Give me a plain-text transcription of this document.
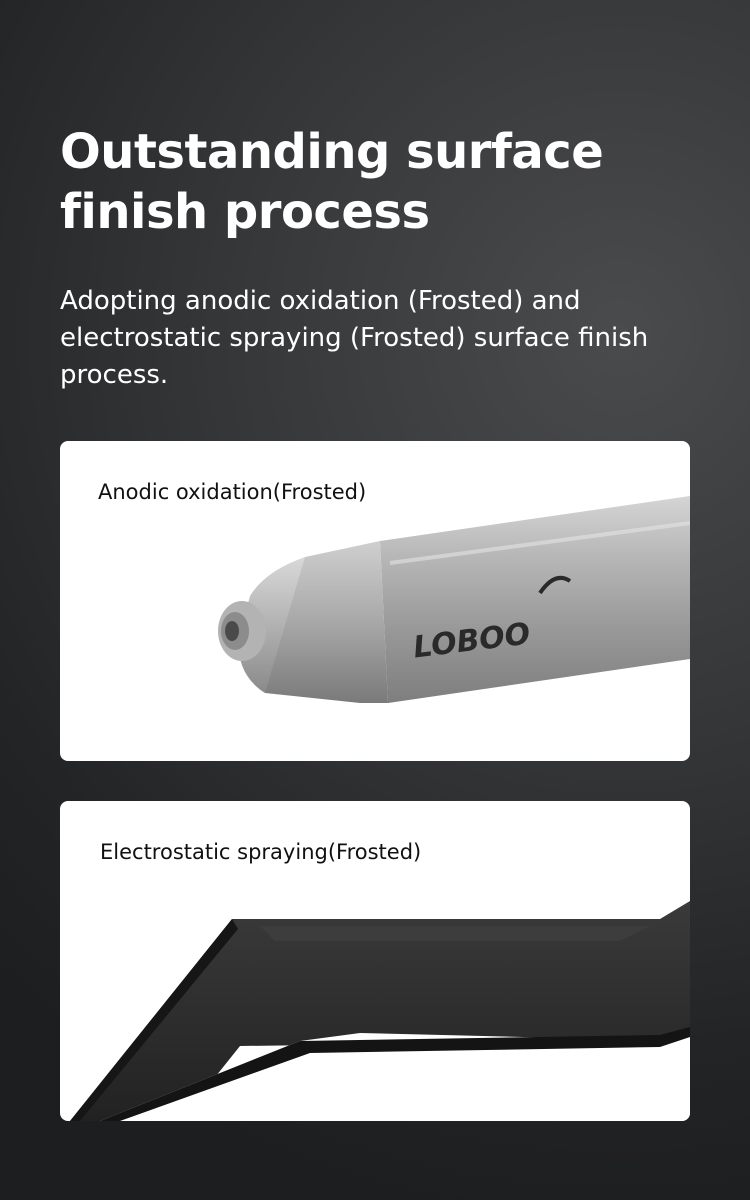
Outstanding surface finish process

Adopting anodic oxidation (Frosted) and electrostatic spraying (Frosted) surface finish process.

Anodic oxidation(Frosted)

LOBOO

Electrostatic spraying(Frosted)
